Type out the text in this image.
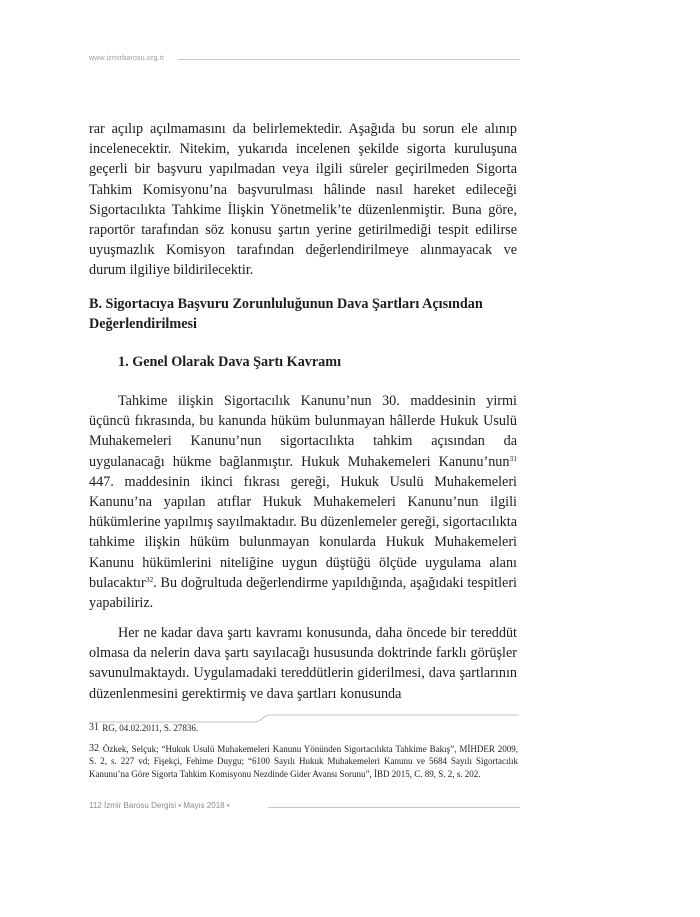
www.izmirbarosu.org.tr

rar açılıp açılmamasını da belirlemektedir. Aşağıda bu sorun ele alınıp incelenecektir. Nitekim, yukarıda incelenen şekilde sigorta kuruluşuna geçerli bir başvuru yapılmadan veya ilgili süreler geçirilmeden Sigorta Tahkim Komisyonu’na başvurulması hâlinde nasıl hareket edileceği Sigortacılıkta Tahkime İlişkin Yönetmelik’te düzenlenmiştir. Buna göre, raportör tarafından söz konusu şartın yerine getirilmediği tespit edilirse uyuşmazlık Komisyon tarafından değerlendirilmeye alınmayacak ve durum ilgiliye bildirilecektir.

B. Sigortacıya Başvuru Zorunluluğunun Dava Şartları Açısından Değerlendirilmesi

1. Genel Olarak Dava Şartı Kavramı

Tahkime ilişkin Sigortacılık Kanunu’nun 30. maddesinin yirmi üçüncü fıkrasında, bu kanunda hüküm bulunmayan hâllerde Hukuk Usulü Muhakemeleri Kanunu’nun sigortacılıkta tahkim açısından da uygulanacağı hükme bağlanmıştır. Hukuk Muhakemeleri Kanunu’nun$^{31}$ 447. maddesinin ikinci fıkrası gereği, Hukuk Usulü Muhakemeleri Kanunu’na yapılan atıflar Hukuk Muhakemeleri Kanunu’nun ilgili hükümlerine yapılmış sayılmaktadır. Bu düzenlemeler gereği, sigortacılıkta tahkime ilişkin hüküm bulunmayan konularda Hukuk Muhakemeleri Kanunu hükümlerini niteliğine uygun düştüğü ölçüde uygulama alanı bulacaktır$^{32}$. Bu doğrultuda değerlendirme yapıldığında, aşağıdaki tespitleri yapabiliriz.

Her ne kadar dava şartı kavramı konusunda, daha öncede bir tereddüt olmasa da nelerin dava şartı sayılacağı hususunda doktrinde farklı görüşler savunulmaktaydı. Uygulamadaki tereddütlerin giderilmesi, dava şartlarının düzenlenmesini gerektirmiş ve dava şartları konusunda

31 RG, 04.02.2011, S. 27836.

32 Özkek, Selçuk; “Hukuk Usulü Muhakemeleri Kanunu Yönünden Sigortacılıkta Tahkime Bakış”, MİHDER 2009, S. 2, s. 227 vd; Fişekçi, Fehime Duygu; “6100 Sayılı Hukuk Muhakemeleri Kanunu ve 5684 Sayılı Sigortacılık Kanunu’na Göre Sigorta Tahkim Komisyonu Nezdinde Gider Avansı Sorunu”, İBD 2015, C. 89, S. 2, s. 202.

112 İzmir Barosu Dergisi • Mayıs 2018 •
